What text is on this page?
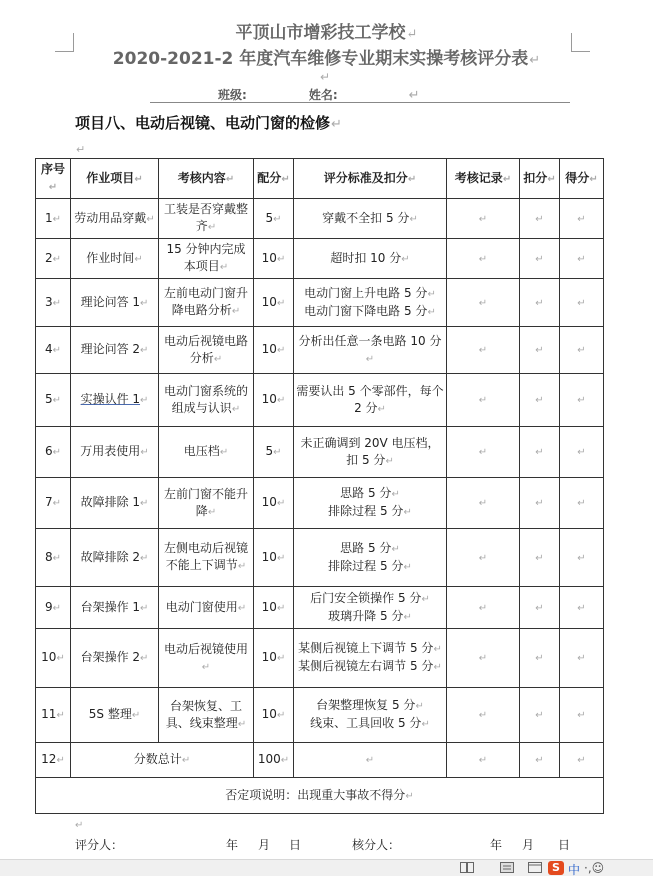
平顶山市增彩技工学校↵
2020-2021-2 年度汽车维修专业期末实操考核评分表↵
↵
班级:	姓名:	↵
项目八、电动后视镜、电动门窗的检修↵
↵
序号↵	作业项目↵	考核内容↵	配分↵	评分标准及扣分↵	考核记录↵	扣分↵	得分↵
1↵	劳动用品穿戴↵	工装是否穿戴整齐↵	5↵	穿戴不全扣 5 分↵	↵	↵	↵
2↵	作业时间↵	15 分钟内完成本项目↵	10↵	超时扣 10 分↵	↵	↵	↵
3↵	理论问答 1↵	左前电动门窗升降电路分析↵	10↵	电动门窗上升电路 5 分↵
电动门窗下降电路 5 分↵	↵	↵	↵
4↵	理论问答 2↵	电动后视镜电路分析↵	10↵	分析出任意一条电路 10 分↵	↵	↵	↵
5↵	实操认件 1↵	电动门窗系统的组成与认识↵	10↵	需要认出 5 个零部件，每个 2 分↵	↵	↵	↵
6↵	万用表使用↵	电压档↵	5↵	未正确调到 20V 电压档，扣 5 分↵	↵	↵	↵
7↵	故障排除 1↵	左前门窗不能升降↵	10↵	思路 5 分↵
排除过程 5 分↵	↵	↵	↵
8↵	故障排除 2↵	左侧电动后视镜不能上下调节↵	10↵	思路 5 分↵
排除过程 5 分↵	↵	↵	↵
9↵	台架操作 1↵	电动门窗使用↵	10↵	后门安全锁操作 5 分↵
玻璃升降 5 分↵	↵	↵	↵
10↵	台架操作 2↵	电动后视镜使用↵	10↵	某侧后视镜上下调节 5 分↵
某侧后视镜左右调节 5 分↵	↵	↵	↵
11↵	5S 整理↵	台架恢复、工具、线束整理↵	10↵	台架整理恢复 5 分↵
线束、工具回收 5 分↵	↵	↵	↵
12↵	分数总计↵		100↵	↵	↵	↵	↵
否定项说明：出现重大事故不得分↵							
↵
评分人：	年 月 日	核分人：	年 月 日
S 中 ·,☺
